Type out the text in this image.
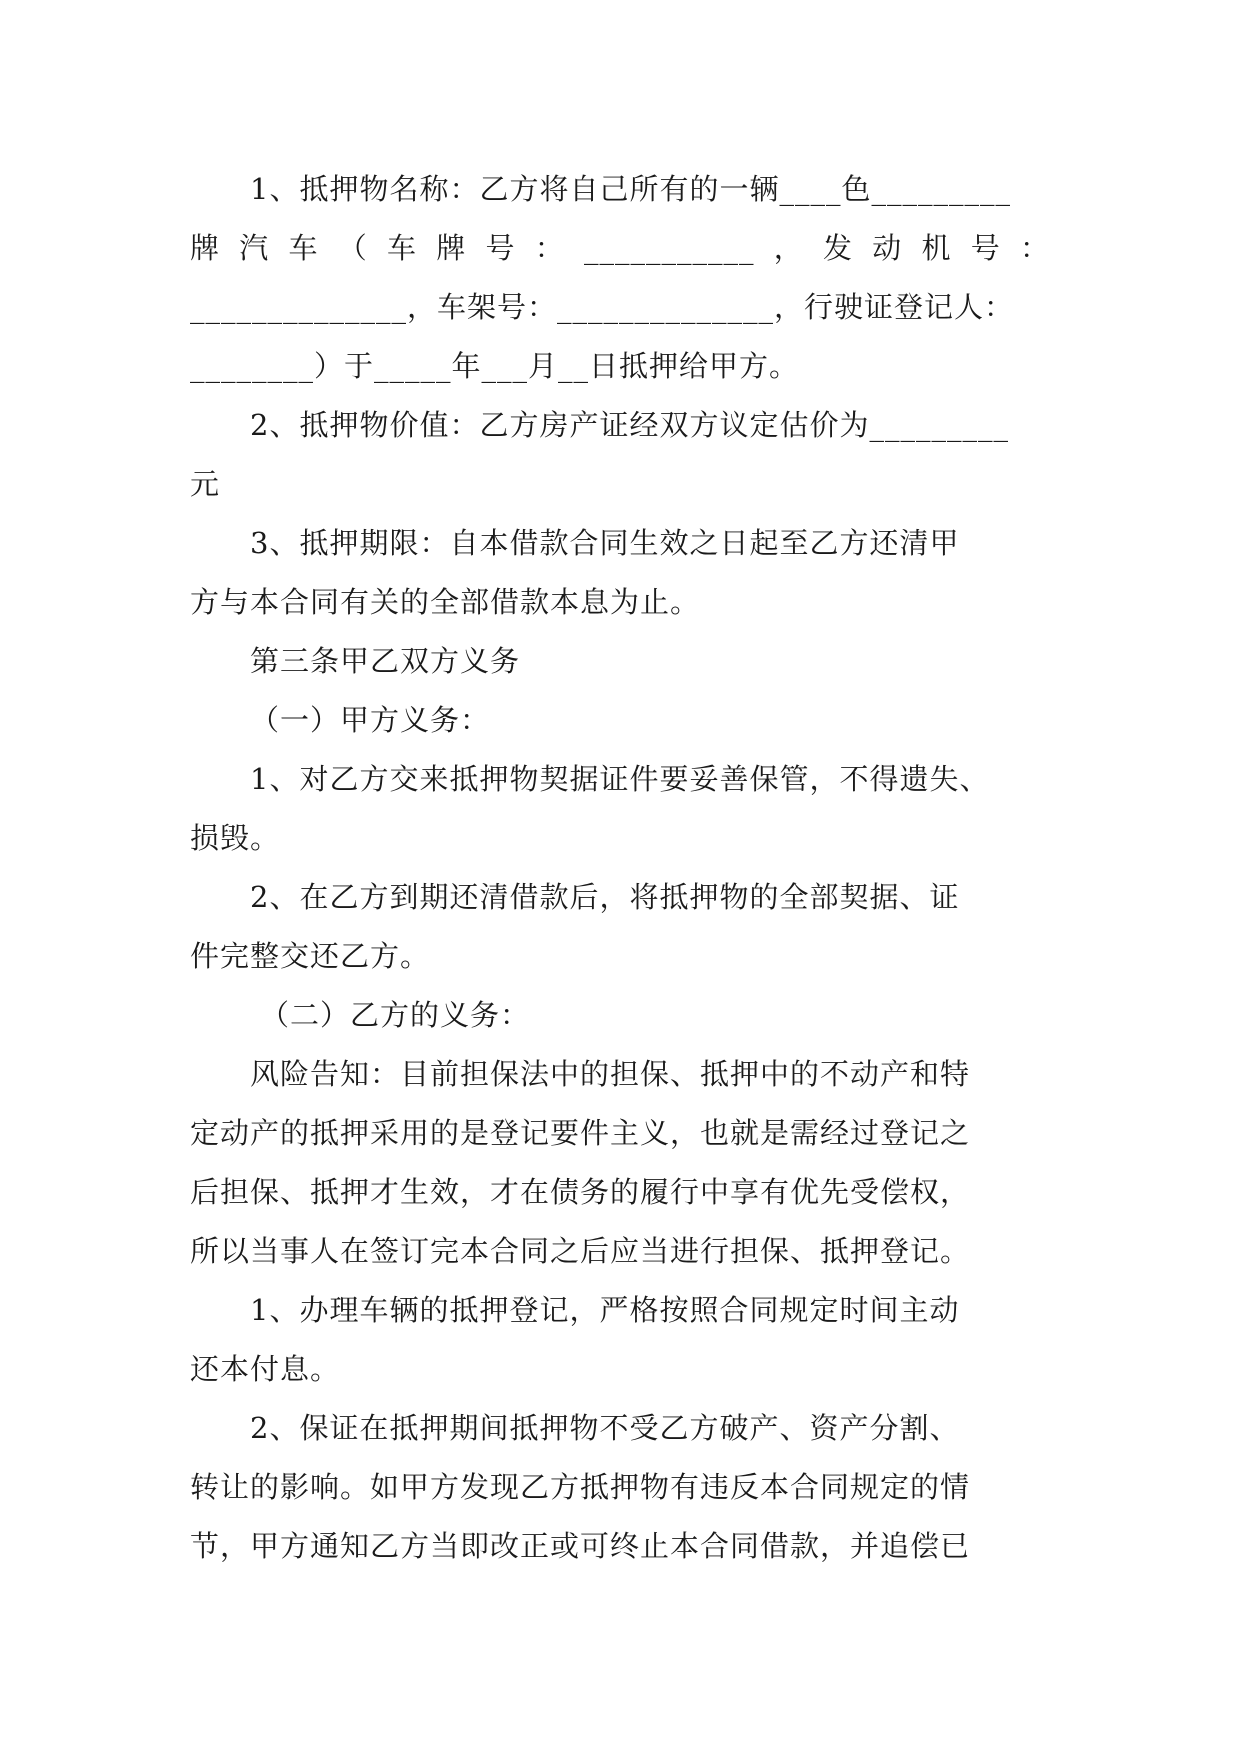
1、抵押物名称：乙方将自己所有的一辆____色_________
牌汽车（车牌号：___________，发动机号：
______________，车架号：______________，行驶证登记人：
________）于_____年___月__日抵押给甲方。
2、抵押物价值：乙方房产证经双方议定估价为_________
元
3、抵押期限：自本借款合同生效之日起至乙方还清甲
方与本合同有关的全部借款本息为止。
第三条甲乙双方义务
（一）甲方义务：
1、对乙方交来抵押物契据证件要妥善保管，不得遗失、
损毁。
2、在乙方到期还清借款后，将抵押物的全部契据、证
件完整交还乙方。
（二）乙方的义务：
风险告知：目前担保法中的担保、抵押中的不动产和特
定动产的抵押采用的是登记要件主义，也就是需经过登记之
后担保、抵押才生效，才在债务的履行中享有优先受偿权，
所以当事人在签订完本合同之后应当进行担保、抵押登记。
1、办理车辆的抵押登记，严格按照合同规定时间主动
还本付息。
2、保证在抵押期间抵押物不受乙方破产、资产分割、
转让的影响。如甲方发现乙方抵押物有违反本合同规定的情
节，甲方通知乙方当即改正或可终止本合同借款，并追偿已
